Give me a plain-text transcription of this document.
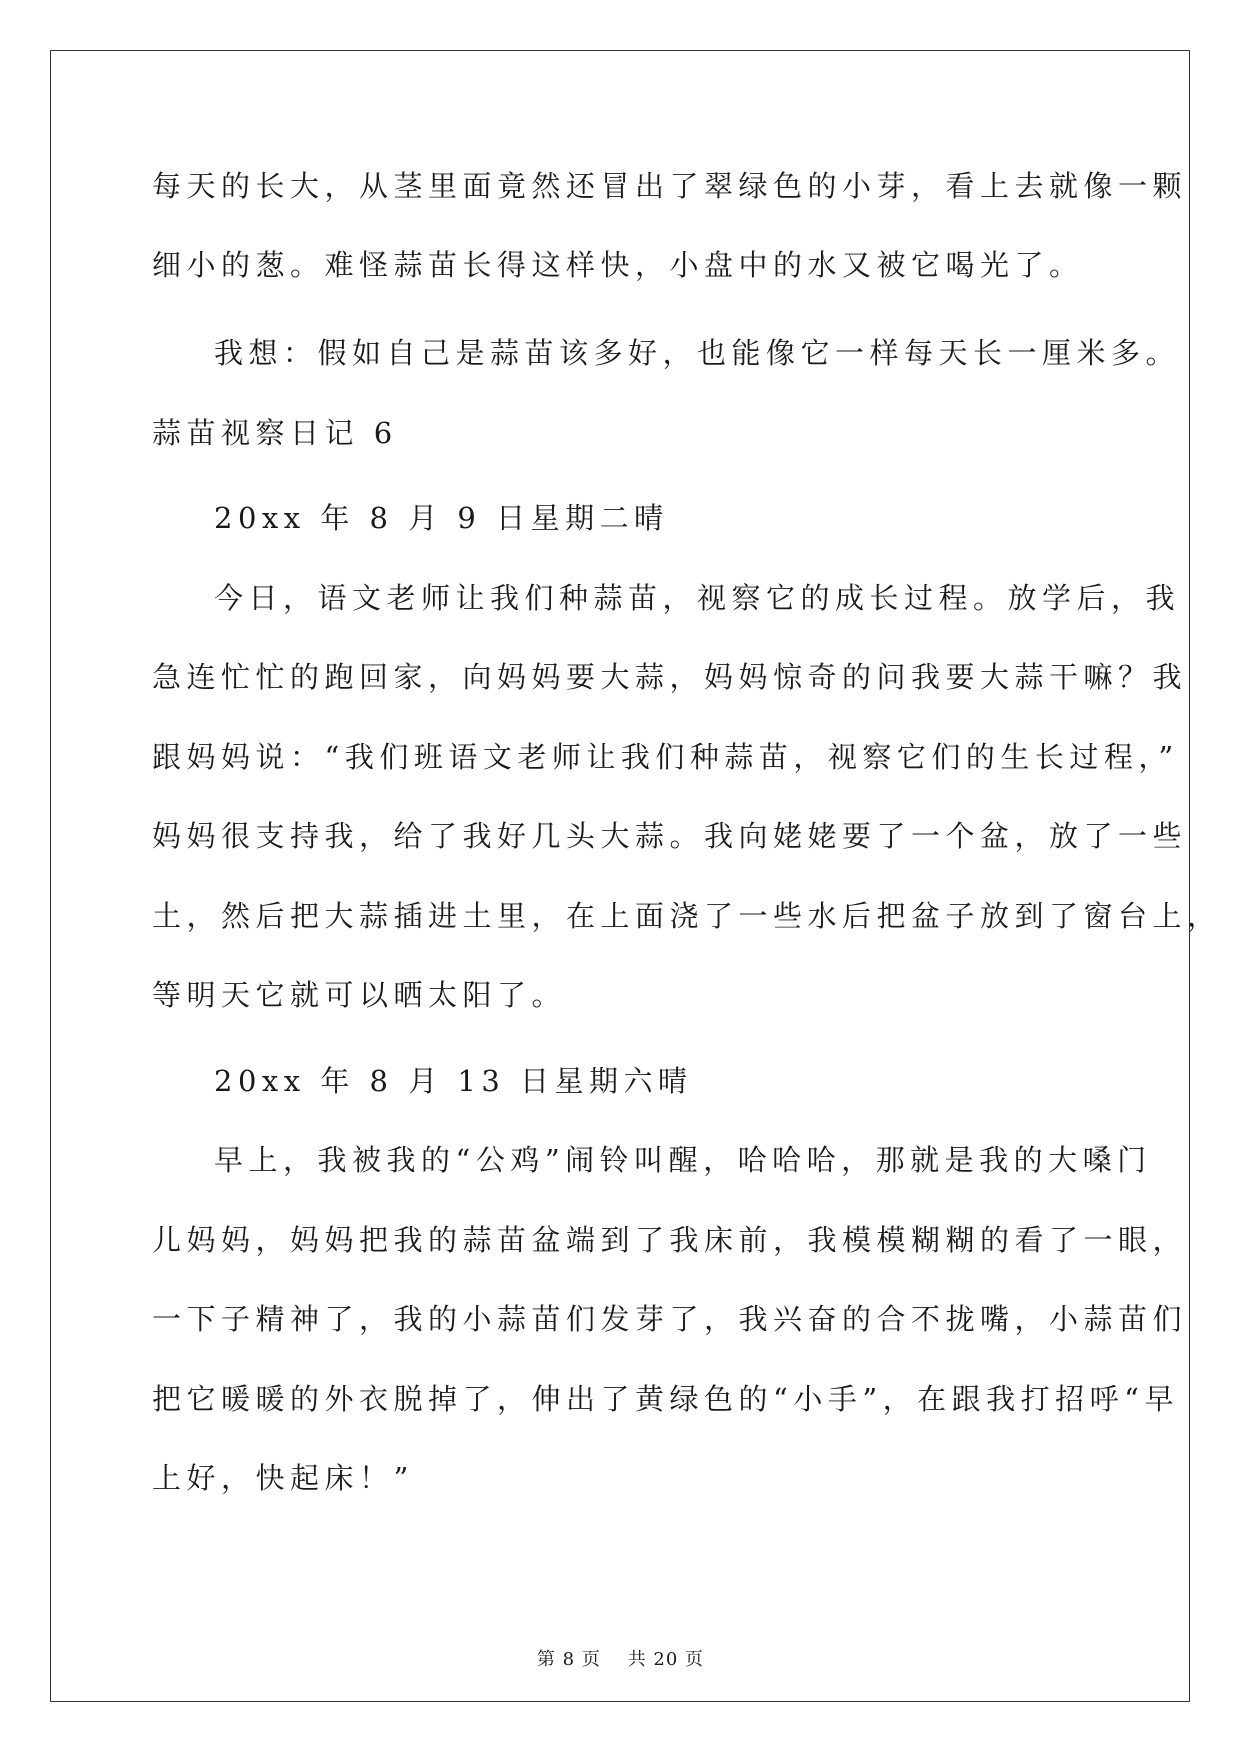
每天的长大，从茎里面竟然还冒出了翠绿色的小芽，看上去就像一颗
细小的葱。难怪蒜苗长得这样快，小盘中的水又被它喝光了。
我想：假如自己是蒜苗该多好，也能像它一样每天长一厘米多。
蒜苗视察日记 6
20xx 年 8 月 9 日星期二晴
今日，语文老师让我们种蒜苗，视察它的成长过程。放学后，我
急连忙忙的跑回家，向妈妈要大蒜，妈妈惊奇的问我要大蒜干嘛？我
跟妈妈说：“我们班语文老师让我们种蒜苗，视察它们的生长过程，”
妈妈很支持我，给了我好几头大蒜。我向姥姥要了一个盆，放了一些
土，然后把大蒜插进土里，在上面浇了一些水后把盆子放到了窗台上，
等明天它就可以晒太阳了。
20xx 年 8 月 13 日星期六晴
早上，我被我的“公鸡”闹铃叫醒，哈哈哈，那就是我的大嗓门
儿妈妈，妈妈把我的蒜苗盆端到了我床前，我模模糊糊的看了一眼，
一下子精神了，我的小蒜苗们发芽了，我兴奋的合不拢嘴，小蒜苗们
把它暖暖的外衣脱掉了，伸出了黄绿色的“小手”，在跟我打招呼“早
上好，快起床！”
第 8 页    共 20 页
